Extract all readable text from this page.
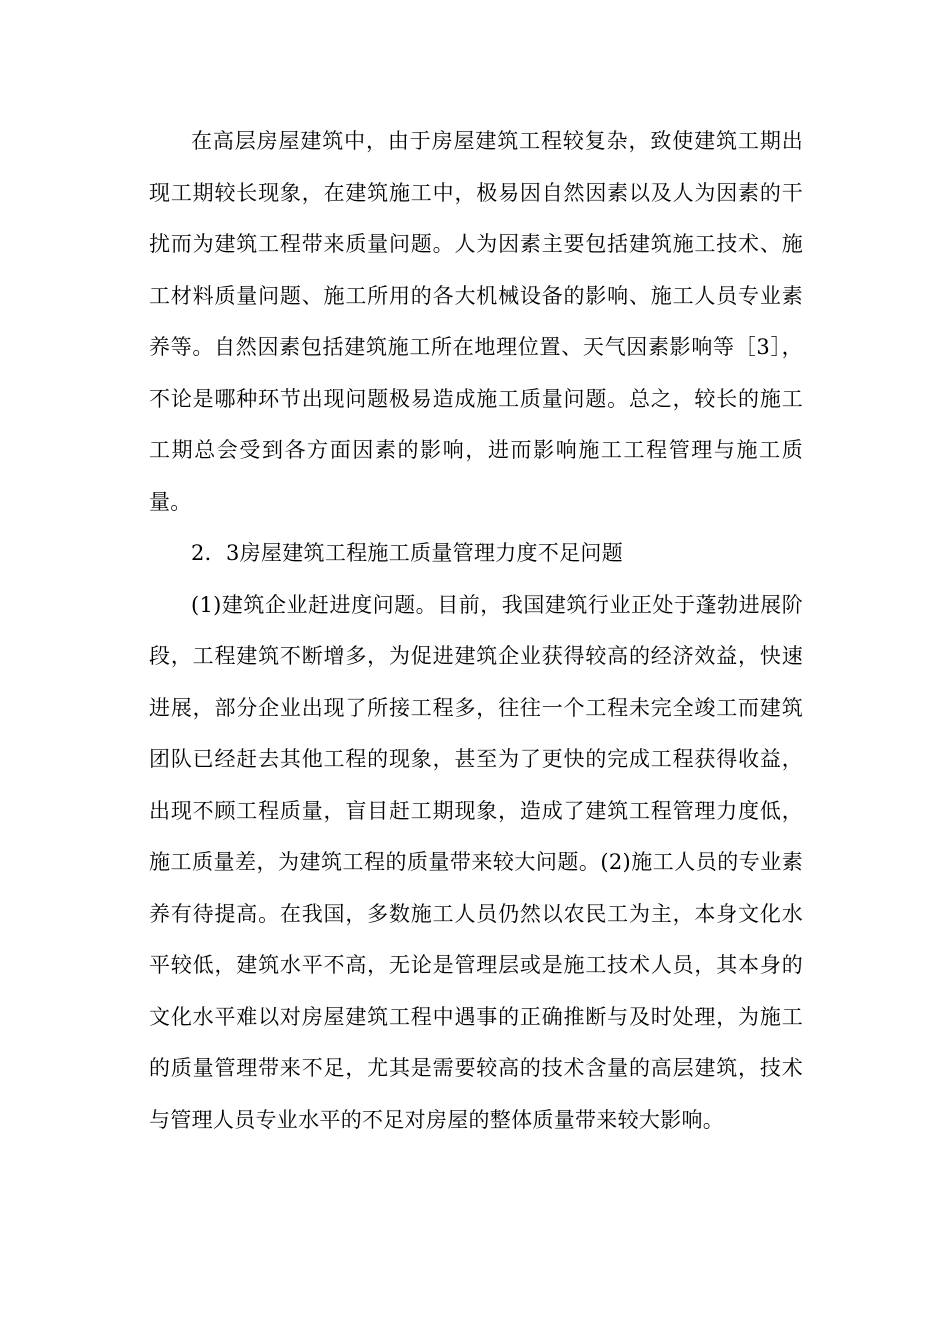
在高层房屋建筑中，由于房屋建筑工程较复杂，致使建筑工期出现工期较长现象，在建筑施工中，极易因自然因素以及人为因素的干扰而为建筑工程带来质量问题。人为因素主要包括建筑施工技术、施工材料质量问题、施工所用的各大机械设备的影响、施工人员专业素养等。自然因素包括建筑施工所在地理位置、天气因素影响等［3］，不论是哪种环节出现问题极易造成施工质量问题。总之，较长的施工工期总会受到各方面因素的影响，进而影响施工工程管理与施工质量。

2．3房屋建筑工程施工质量管理力度不足问题

(1)建筑企业赶进度问题。目前，我国建筑行业正处于蓬勃进展阶段，工程建筑不断增多，为促进建筑企业获得较高的经济效益，快速进展，部分企业出现了所接工程多，往往一个工程未完全竣工而建筑团队已经赶去其他工程的现象，甚至为了更快的完成工程获得收益，出现不顾工程质量，盲目赶工期现象，造成了建筑工程管理力度低，施工质量差，为建筑工程的质量带来较大问题。(2)施工人员的专业素养有待提高。在我国，多数施工人员仍然以农民工为主，本身文化水平较低，建筑水平不高，无论是管理层或是施工技术人员，其本身的文化水平难以对房屋建筑工程中遇事的正确推断与及时处理，为施工的质量管理带来不足，尤其是需要较高的技术含量的高层建筑，技术与管理人员专业水平的不足对房屋的整体质量带来较大影响。
